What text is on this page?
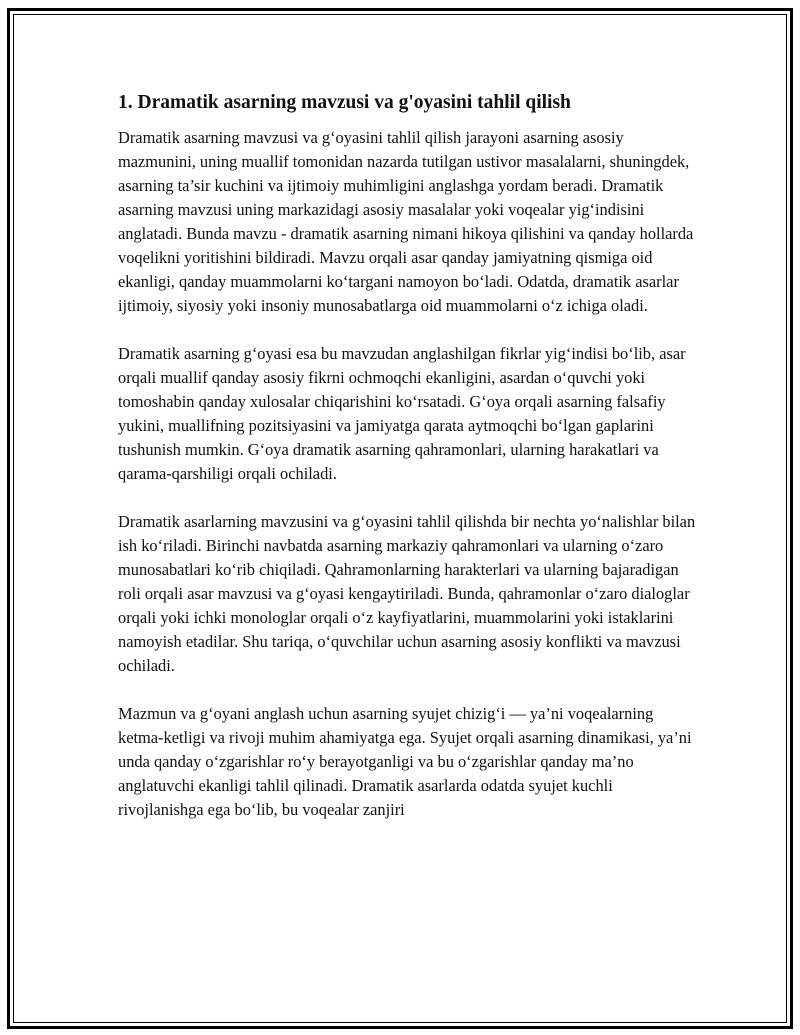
1. Dramatik asarning mavzusi va g'oyasini tahlil qilish

Dramatik asarning mavzusi va g‘oyasini tahlil qilish jarayoni asarning asosiy mazmunini, uning muallif tomonidan nazarda tutilgan ustivor masalalarni, shuningdek, asarning ta’sir kuchini va ijtimoiy muhimligini anglashga yordam beradi. Dramatik asarning mavzusi uning markazidagi asosiy masalalar yoki voqealar yig‘indisini anglatadi. Bunda mavzu - dramatik asarning nimani hikoya qilishini va qanday hollarda voqelikni yoritishini bildiradi. Mavzu orqali asar qanday jamiyatning qismiga oid ekanligi, qanday muammolarni ko‘targani namoyon bo‘ladi. Odatda, dramatik asarlar ijtimoiy, siyosiy yoki insoniy munosabatlarga oid muammolarni o‘z ichiga oladi.

Dramatik asarning g‘oyasi esa bu mavzudan anglashilgan fikrlar yig‘indisi bo‘lib, asar orqali muallif qanday asosiy fikrni ochmoqchi ekanligini, asardan o‘quvchi yoki tomoshabin qanday xulosalar chiqarishini ko‘rsatadi. G‘oya orqali asarning falsafiy yukini, muallifning pozitsiyasini va jamiyatga qarata aytmoqchi bo‘lgan gaplarini tushunish mumkin. G‘oya dramatik asarning qahramonlari, ularning harakatlari va qarama-qarshiligi orqali ochiladi.

Dramatik asarlarning mavzusini va g‘oyasini tahlil qilishda bir nechta yo‘nalishlar bilan ish ko‘riladi. Birinchi navbatda asarning markaziy qahramonlari va ularning o‘zaro munosabatlari ko‘rib chiqiladi. Qahramonlarning harakterlari va ularning bajaradigan roli orqali asar mavzusi va g‘oyasi kengaytiriladi. Bunda, qahramonlar o‘zaro dialoglar orqali yoki ichki monologlar orqali o‘z kayfiyatlarini, muammolarini yoki istaklarini namoyish etadilar. Shu tariqa, o‘quvchilar uchun asarning asosiy konflikti va mavzusi ochiladi.

Mazmun va g‘oyani anglash uchun asarning syujet chizig‘i — ya’ni voqealarning ketma-ketligi va rivoji muhim ahamiyatga ega. Syujet orqali asarning dinamikasi, ya’ni unda qanday o‘zgarishlar ro‘y berayotganligi va bu o‘zgarishlar qanday ma’no anglatuvchi ekanligi tahlil qilinadi. Dramatik asarlarda odatda syujet kuchli rivojlanishga ega bo‘lib, bu voqealar zanjiri
